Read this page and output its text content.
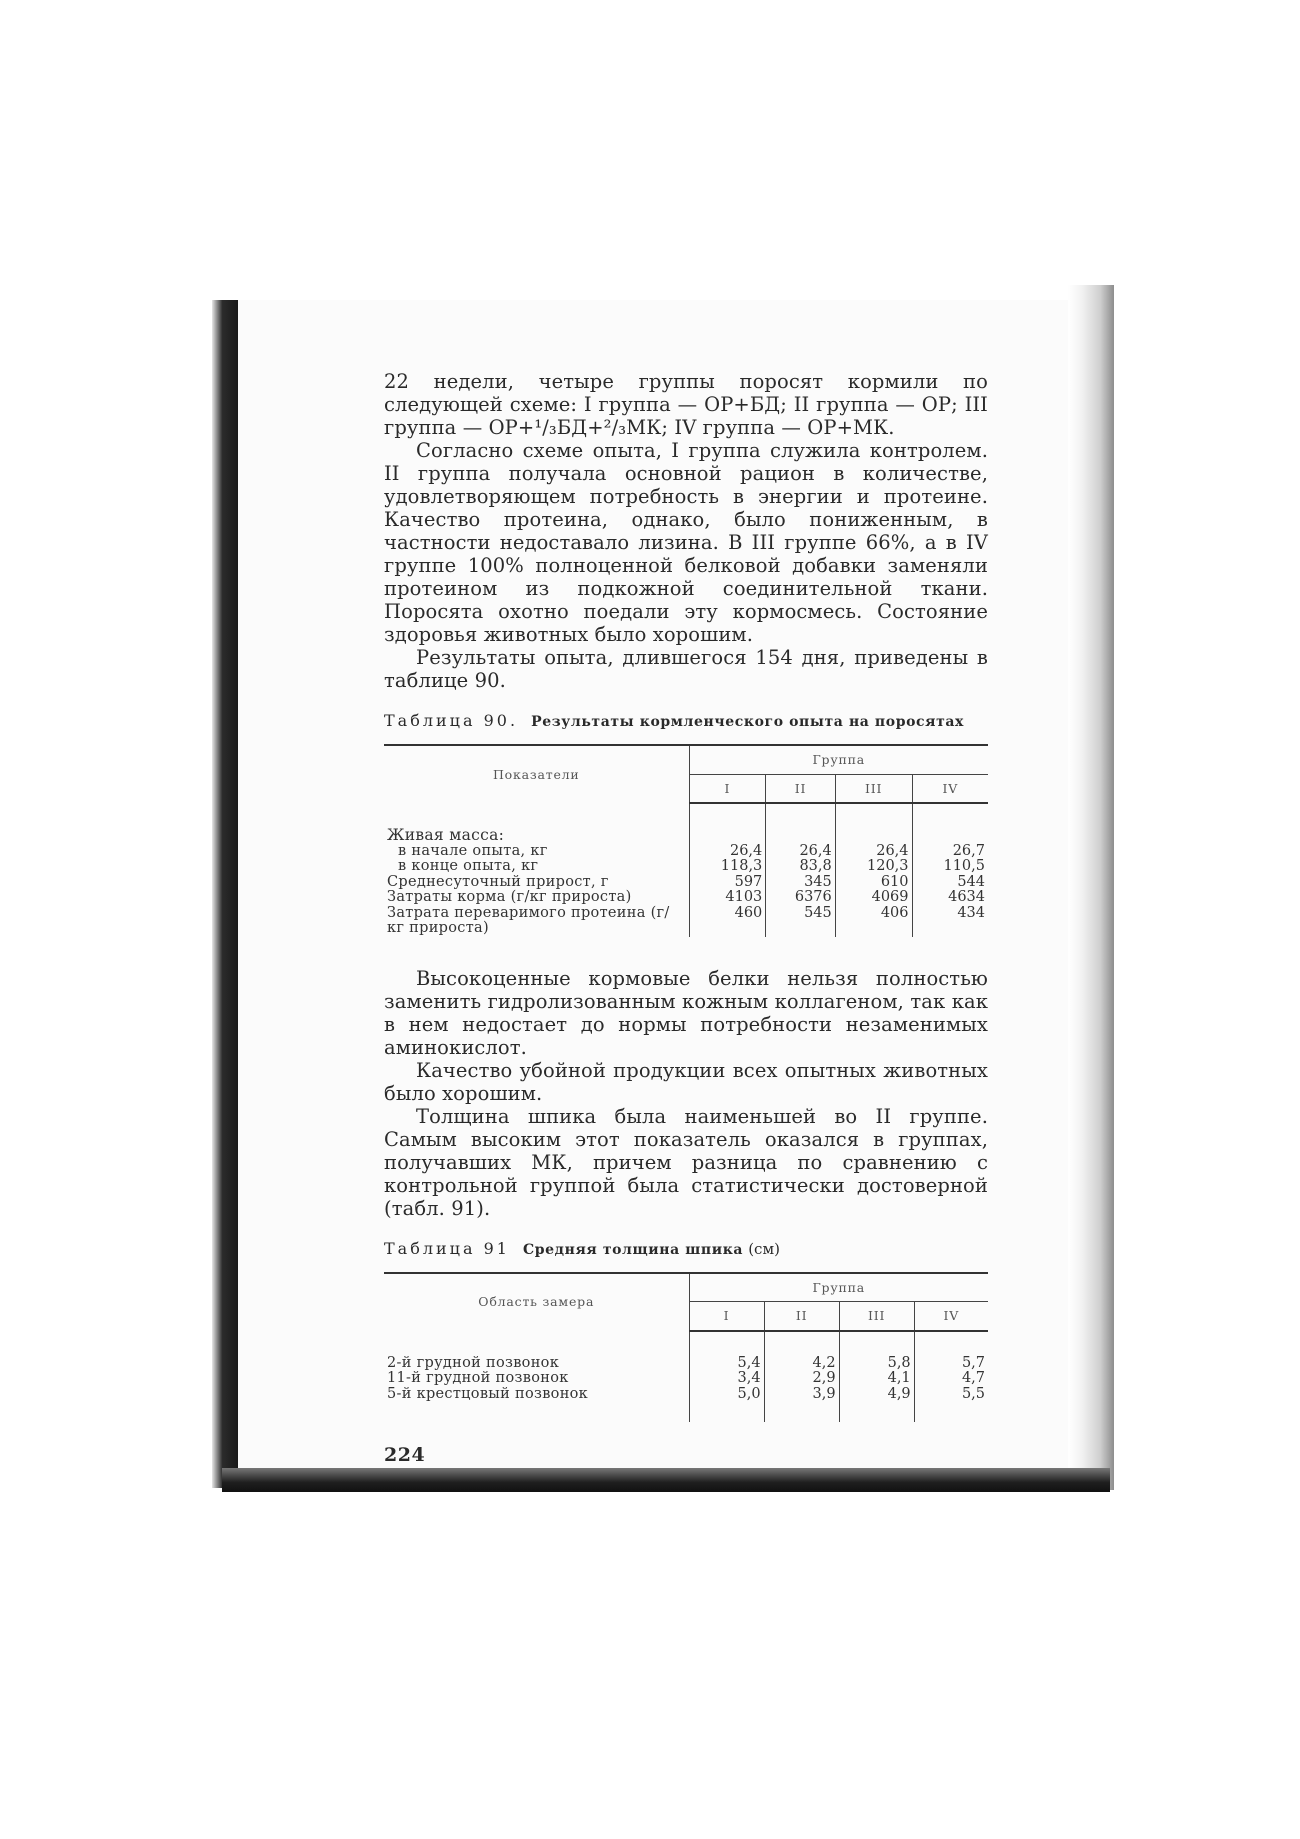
22 недели, четыре группы поросят кормили по следующей схеме: I группа — ОР+БД; II группа — ОР; III группа — ОР+¹/₃БД+²/₃МК; IV группа — ОР+МК.

Согласно схеме опыта, I группа служила контролем. II группа получала основной рацион в количестве, удовлетворяющем потребность в энергии и протеине. Качество протеина, однако, было пониженным, в частности недоставало лизина. В III группе 66%, а в IV группе 100% полноценной белковой добавки заменяли протеином из подкожной соединительной ткани. Поросята охотно поедали эту кормосмесь. Состояние здоровья животных было хорошим.

Результаты опыта, длившегося 154 дня, приведены в таблице 90.

Таблица 90. Результаты кормленческого опыта на поросятах
Показатели	Группа			
	I	II	III	IV

Живая масса:				
в начале опыта, кг	26,4	26,4	26,4	26,7
в конце опыта, кг	118,3	83,8	120,3	110,5
Среднесуточный прирост, г	597	345	610	544
Затраты корма (г/кг прироста)	4103	6376	4069	4634
Затрата переваримого протеина (г/кг прироста)	460	545	406	434

Высокоценные кормовые белки нельзя полностью заменить гидролизованным кожным коллагеном, так как в нем недостает до нормы потребности незаменимых аминокислот.

Качество убойной продукции всех опытных животных было хорошим.

Толщина шпика была наименьшей во II группе. Самым высоким этот показатель оказался в группах, получавших МК, причем разница по сравнению с контрольной группой была статистически достоверной (табл. 91).

Таблица 91 Средняя толщина шпика (см)
Область замера	Группа			
	I	II	III	IV

2-й грудной позвонок	5,4	4,2	5,8	5,7
11-й грудной позвонок	3,4	2,9	4,1	4,7
5-й крестцовый позвонок	5,0	3,9	4,9	5,5

224
